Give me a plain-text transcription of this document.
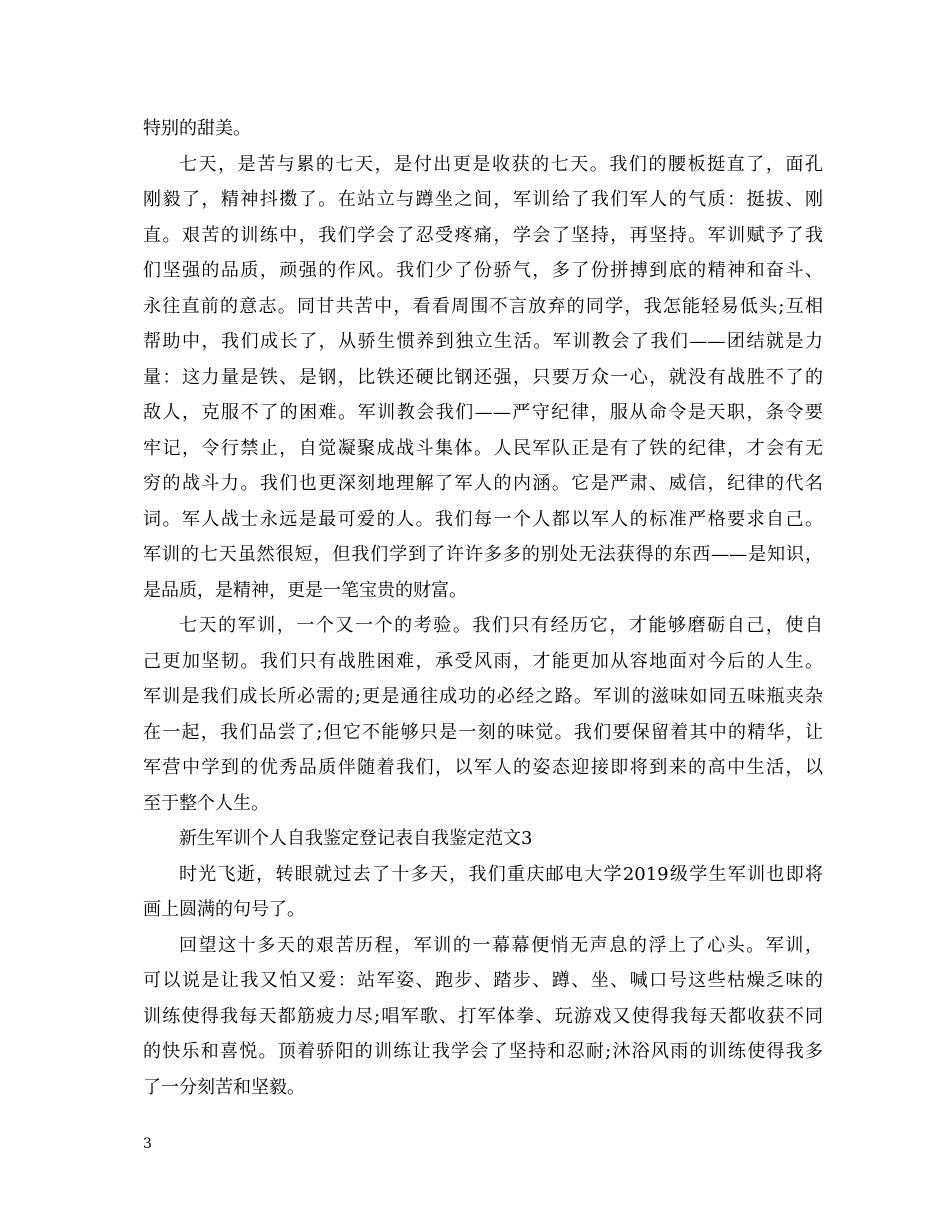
特别的甜美。
七天，是苦与累的七天，是付出更是收获的七天。我们的腰板挺直了，面孔
刚毅了，精神抖擞了。在站立与蹲坐之间，军训给了我们军人的气质：挺拔、刚
直。艰苦的训练中，我们学会了忍受疼痛，学会了坚持，再坚持。军训赋予了我
们坚强的品质，顽强的作风。我们少了份骄气，多了份拼搏到底的精神和奋斗、
永往直前的意志。同甘共苦中，看看周围不言放弃的同学，我怎能轻易低头;互相
帮助中，我们成长了，从骄生惯养到独立生活。军训教会了我们——团结就是力
量：这力量是铁、是钢，比铁还硬比钢还强，只要万众一心，就没有战胜不了的
敌人，克服不了的困难。军训教会我们——严守纪律，服从命令是天职，条令要
牢记，令行禁止，自觉凝聚成战斗集体。人民军队正是有了铁的纪律，才会有无
穷的战斗力。我们也更深刻地理解了军人的内涵。它是严肃、威信，纪律的代名
词。军人战士永远是最可爱的人。我们每一个人都以军人的标准严格要求自己。
军训的七天虽然很短，但我们学到了许许多多的别处无法获得的东西——是知识，
是品质，是精神，更是一笔宝贵的财富。
七天的军训，一个又一个的考验。我们只有经历它，才能够磨砺自己，使自
己更加坚韧。我们只有战胜困难，承受风雨，才能更加从容地面对今后的人生。
军训是我们成长所必需的;更是通往成功的必经之路。军训的滋味如同五味瓶夹杂
在一起，我们品尝了;但它不能够只是一刻的味觉。我们要保留着其中的精华，让
军营中学到的优秀品质伴随着我们，以军人的姿态迎接即将到来的高中生活，以
至于整个人生。
新生军训个人自我鉴定登记表自我鉴定范文3
时光飞逝，转眼就过去了十多天，我们重庆邮电大学2019级学生军训也即将
画上圆满的句号了。
回望这十多天的艰苦历程，军训的一幕幕便悄无声息的浮上了心头。军训，
可以说是让我又怕又爱：站军姿、跑步、踏步、蹲、坐、喊口号这些枯燥乏味的
训练使得我每天都筋疲力尽;唱军歌、打军体拳、玩游戏又使得我每天都收获不同
的快乐和喜悦。顶着骄阳的训练让我学会了坚持和忍耐;沐浴风雨的训练使得我多
了一分刻苦和坚毅。
3
